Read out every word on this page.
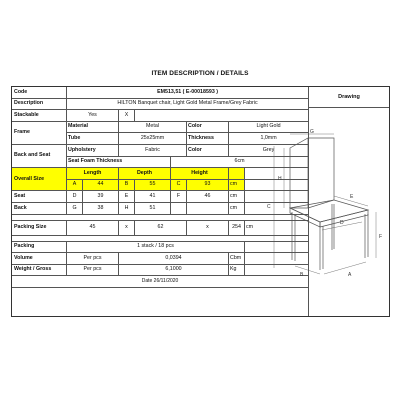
ITEM DESCRIPTION / DETAILS
Code	EM513,51 ( E-00018593 )							
Description	HILTON Banquet chair, Light Gold Metal Frame/Grey Fabric							
Stackable	Yes		X					
Frame	Material		Metal			Color	Light Gold	
	Tube		25x25mm			Thickness	1,0mm	
Back and Seat	Upholstery		Fabric			Color	Grey	
	Seat Foam Thickness				6cm			
Overall Size	Length		Depth		Height			
	A	44	B	55	C	93	cm	
Seat	D	39	E	41	F	46	cm	
Back	G	38	H	51			cm	

Packing Size	45		x	62		x	254	cm

Packing	1 stack / 18 pcs							
Volume	Per pcs		0,0394				Cbm	
Weight / Gross	Per pcs		6,1000				Kg	
Date 26/11/2020								
Drawing
G
H
C
E
D
F
B	A
